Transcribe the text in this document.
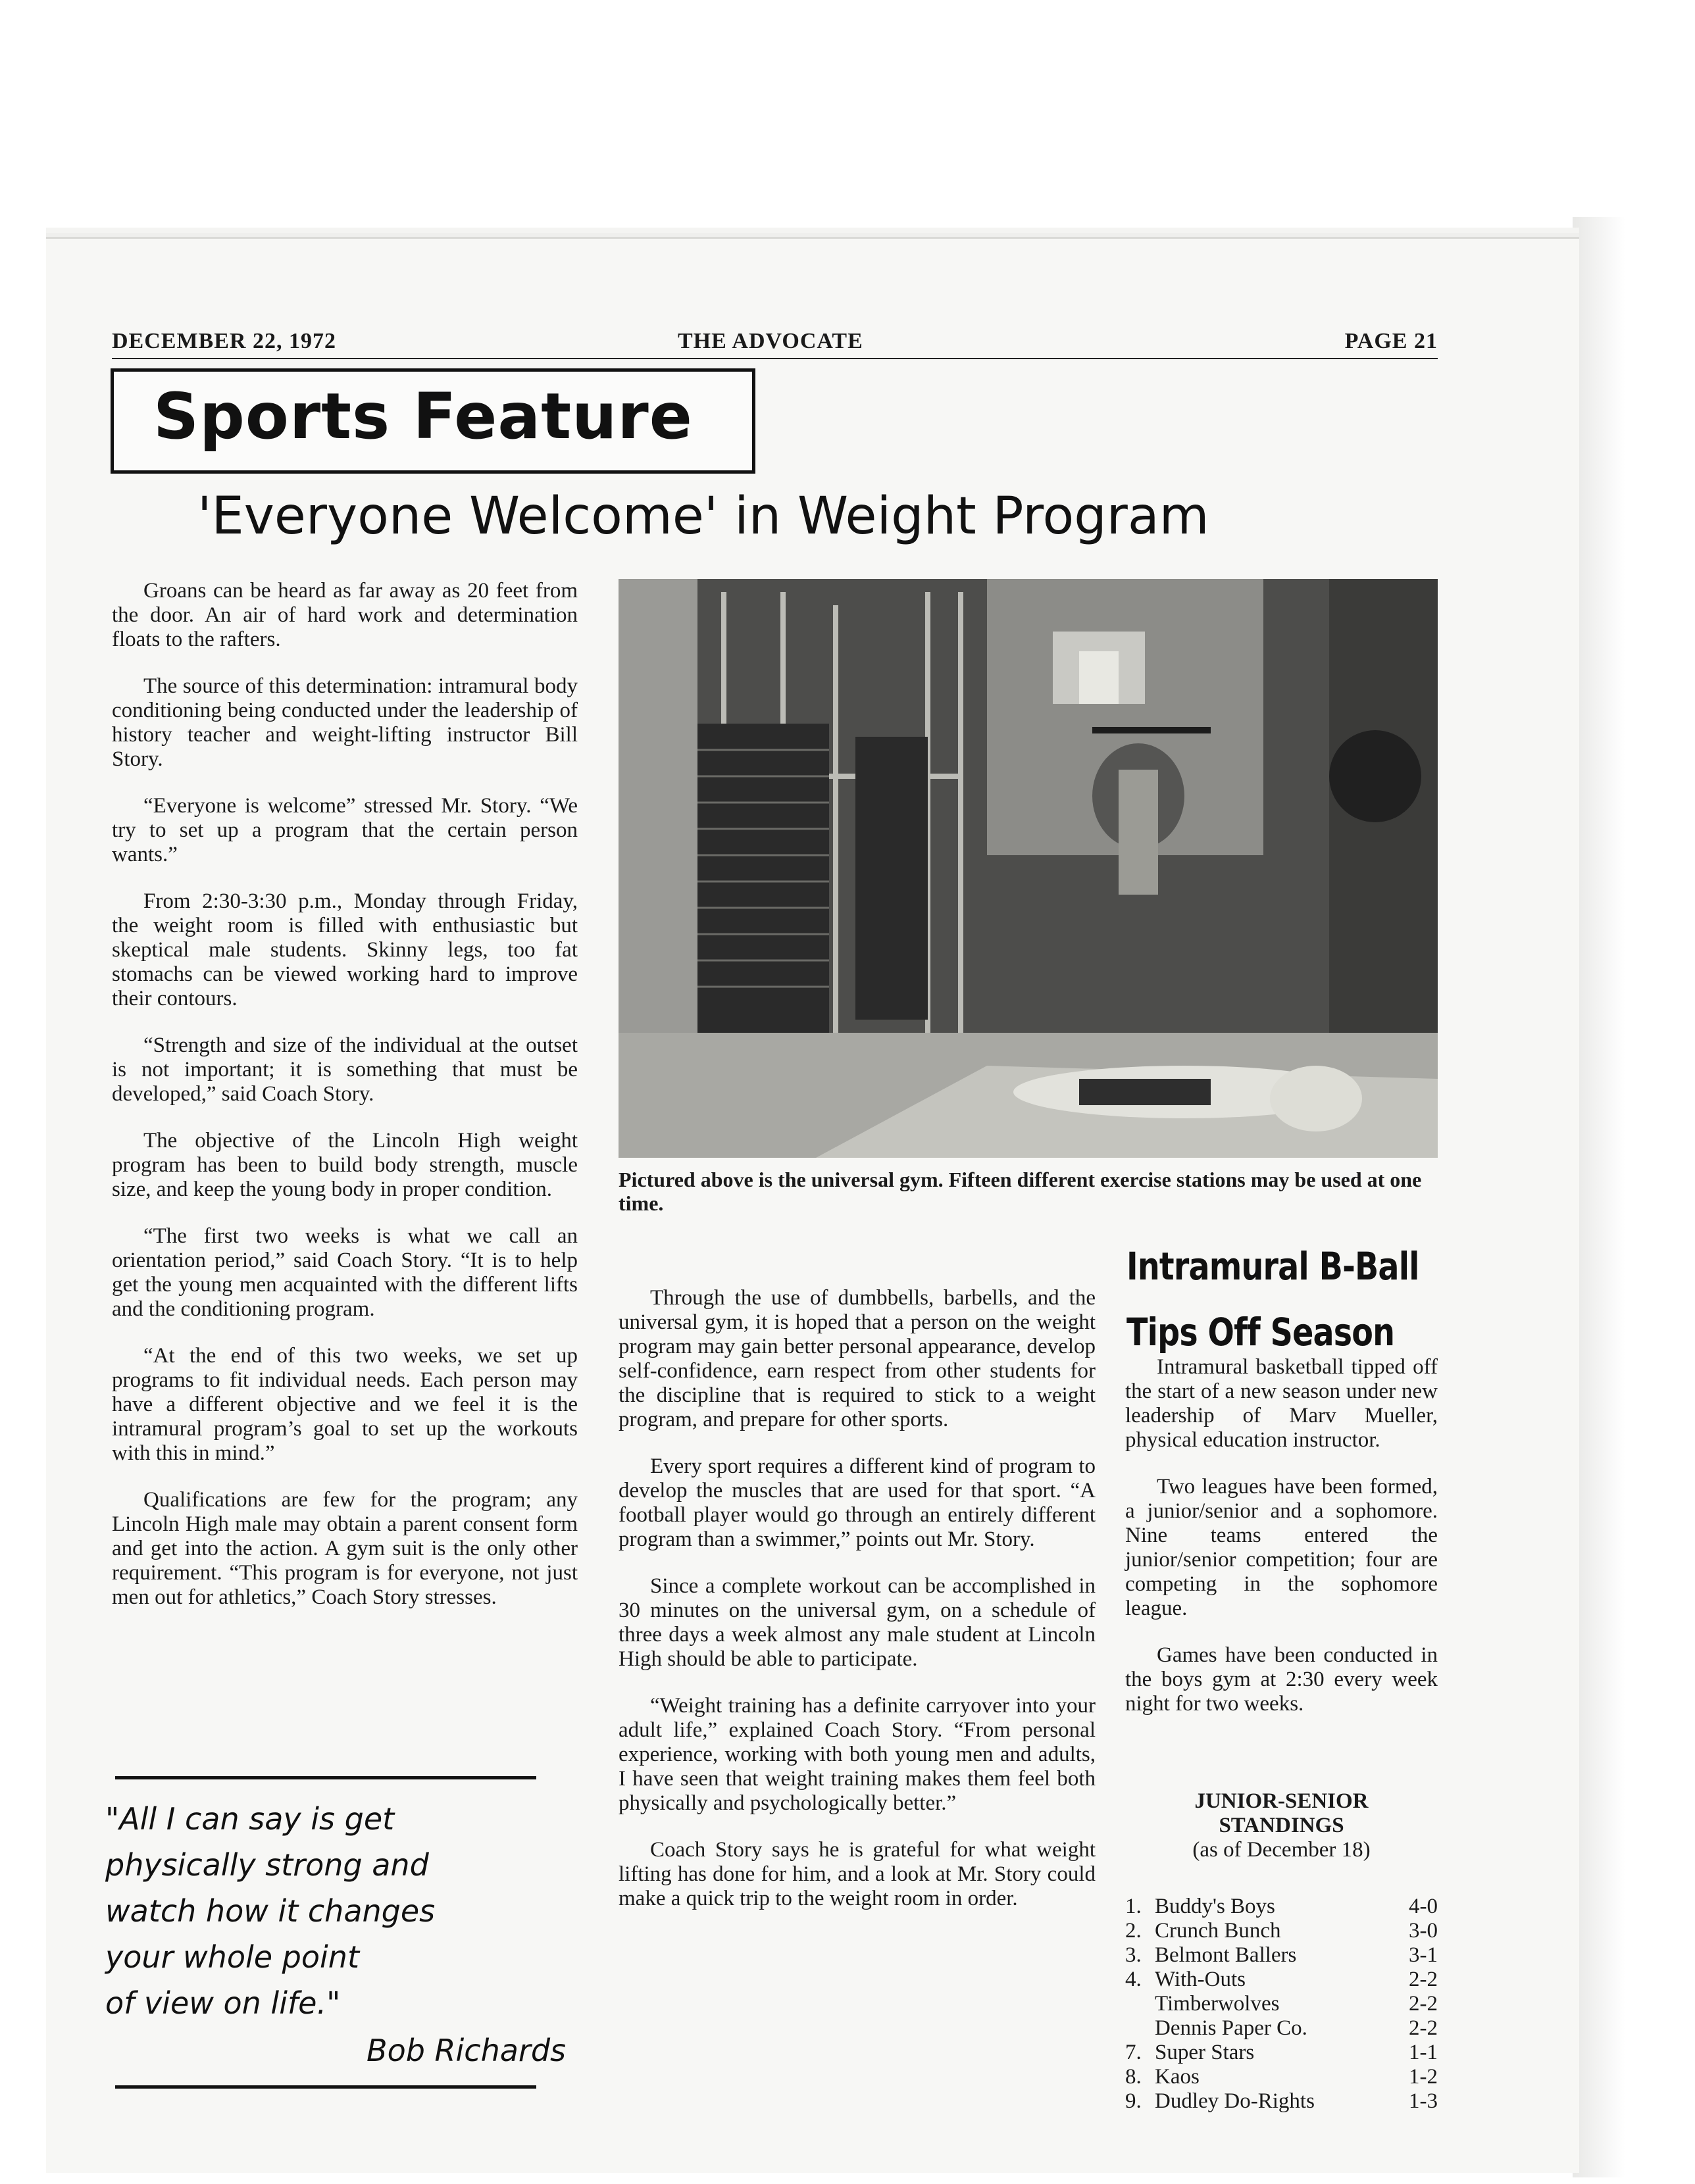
DECEMBER 22, 1972	THE ADVOCATE	PAGE 21
Sports Feature
'Everyone Welcome' in Weight Program

Groans can be heard as far away as 20 feet from the door. An air of hard work and determination floats to the rafters.

The source of this determination: intramural body conditioning being conducted under the leadership of history teacher and weight-lifting instructor Bill Story.

“Everyone is welcome” stressed Mr. Story. “We try to set up a program that the certain person wants.”

From 2:30-3:30 p.m., Monday through Friday, the weight room is filled with enthusiastic but skeptical male students. Skinny legs, too fat stomachs can be viewed working hard to improve their contours.

“Strength and size of the individual at the outset is not important; it is something that must be developed,” said Coach Story.

The objective of the Lincoln High weight program has been to build body strength, muscle size, and keep the young body in proper condition.

“The first two weeks is what we call an orientation period,” said Coach Story. “It is to help get the young men acquainted with the different lifts and the conditioning program.

“At the end of this two weeks, we set up programs to fit individual needs. Each person may have a different objective and we feel it is the intramural program’s goal to set up the workouts with this in mind.”

Qualifications are few for the program; any Lincoln High male may obtain a parent consent form and get into the action. A gym suit is the only other requirement. “This program is for everyone, not just men out for athletics,” Coach Story stresses.

Pictured above is the universal gym. Fifteen different exercise stations may be used at one time.

Through the use of dumbbells, barbells, and the universal gym, it is hoped that a person on the weight program may gain better personal appearance, develop self-confidence, earn respect from other students for the discipline that is required to stick to a weight program, and prepare for other sports.

Every sport requires a different kind of program to develop the muscles that are used for that sport. “A football player would go through an entirely different program than a swimmer,” points out Mr. Story.

Since a complete workout can be accomplished in 30 minutes on the universal gym, on a schedule of three days a week almost any male student at Lincoln High should be able to participate.

“Weight training has a definite carryover into your adult life,” explained Coach Story. “From personal experience, working with both young men and adults, I have seen that weight training makes them feel both physically and psychologically better.”

Coach Story says he is grateful for what weight lifting has done for him, and a look at Mr. Story could make a quick trip to the weight room in order.

"All I can say is get
physically strong and
watch how it changes
your whole point
of view on life."
Bob Richards
Intramural B-Ball
Tips Off Season

Intramural basketball tipped off the start of a new season under new leadership of Marv Mueller, physical education instructor.

Two leagues have been formed, a junior/senior and a sophomore. Nine teams entered the junior/senior competition; four are competing in the sophomore league.

Games have been conducted in the boys gym at 2:30 every week night for two weeks.

JUNIOR-SENIOR
STANDINGS
(as of December 18)
1. Buddy's Boys	4-0
2. Crunch Bunch	3-0
3. Belmont Ballers	3-1
4. With-Outs	2-2
Timberwolves	2-2
Dennis Paper Co.	2-2
7. Super Stars	1-1
8. Kaos	1-2
9. Dudley Do-Rights	1-3
